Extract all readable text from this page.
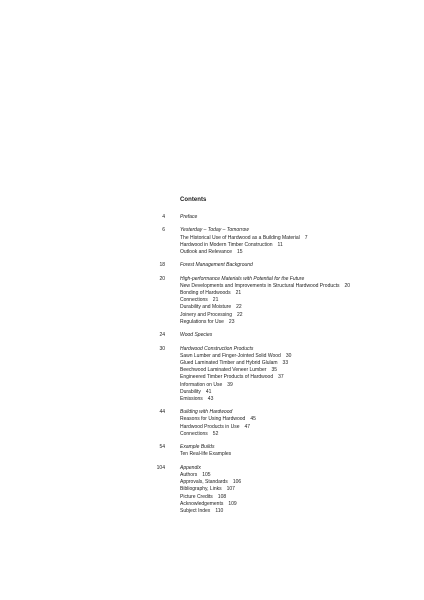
Contents
4	Preface
6	Yesterday – Today – Tomorrow
The Historical Use of Hardwood as a Building Material 7
Hardwood in Modern Timber Construction 11
Outlook and Relevance 15
18	Forest Management Background
20	High-performance Materials with Potential for the Future
New Developments and Improvements in Structural Hardwood Products 20
Bonding of Hardwoods 21
Connections 21
Durability and Moisture 22
Joinery and Processing 22
Regulations for Use 23
24	Wood Species
30	Hardwood Construction Products
Sawn Lumber and Finger-Jointed Solid Wood 30
Glued Laminated Timber and Hybrid Glulam 33
Beechwood Laminated Veneer Lumber 35
Engineered Timber Products of Hardwood 37
Information on Use 39
Durability 41
Emissions 43
44	Building with Hardwood
Reasons for Using Hardwood 45
Hardwood Products in Use 47
Connections 52
54	Example Builds
Ten Real-life Examples
104	Appendix
Authors 105
Approvals, Standards 106
Bibliography, Links 107
Picture Credits 108
Acknowledgements 109
Subject Index 110
